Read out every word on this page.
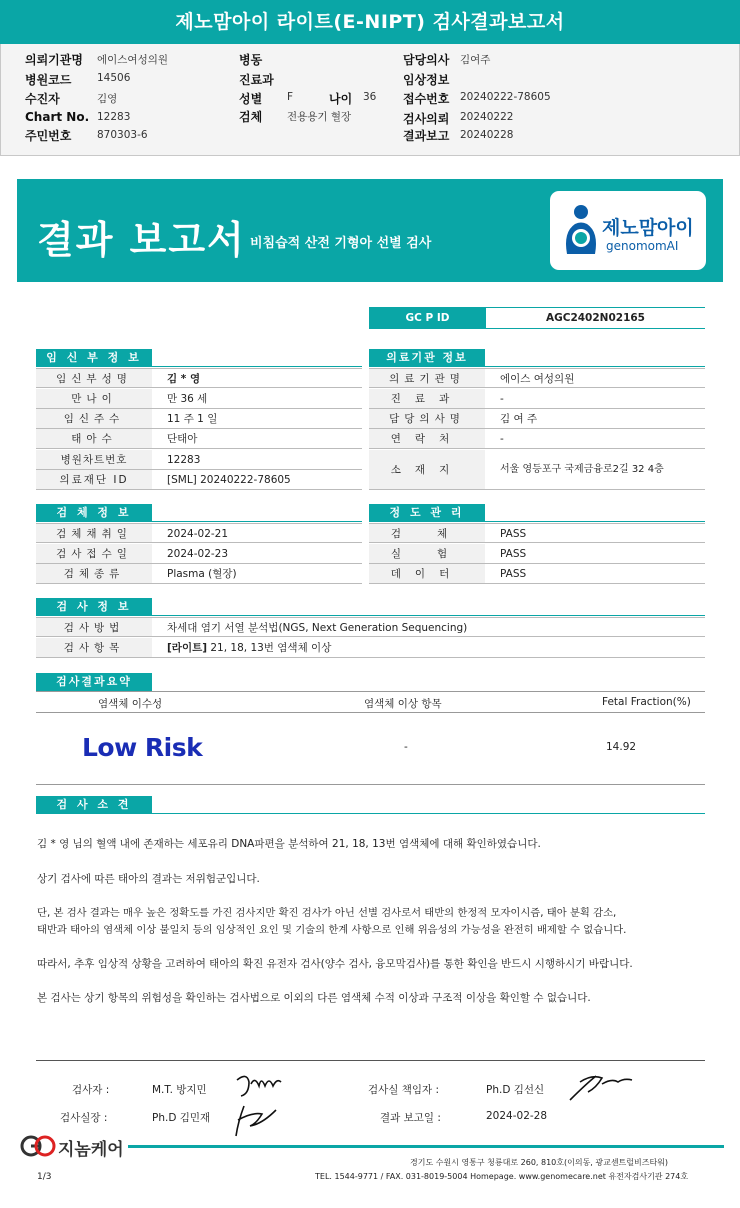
제노맘아이 라이트(E-NIPT) 검사결과보고서
의뢰기관명 에이스여성의원
병원코드 14506
수진자	김영
Chart No. 12283
주민번호 870303-6
병동
진료과
성별 F	나이 36
검체 전용용기 혈장
담당의사 김여주
임상정보
접수번호 20240222-78605
검사의뢰 20240222
결과보고 20240228
결과 보고서 비침습적 산전 기형아 선별 검사
제노맘아이
genomomAI
GC P ID	AGC2402N02165
임 신 부 정 보
임신부성명	김 * 영
만나이	만 36 세
임신주수	11 주 1 일
태아수	단태아
병원차트번호	12283
의료재단 ID	[SML] 20240222-78605
의료기관 정보
의료기관명	에이스 여성의원
진료과	-
담당의사명	김 여 주
연락처	-
소재지	서울 영등포구 국제금융로2길 32 4층
검 체 정 보
검체채취일	2024-02-21
검사접수일	2024-02-23
검체종류	Plasma (혈장)
정 도 관 리
검체 PASS
실험 PASS
데이터	PASS
검 사 정 보
검사방법	차세대 염기 서열 분석법(NGS, Next Generation Sequencing)
검사항목	[라이트] 21, 18, 13번 염색체 이상
검사결과요약
염색체 이수성	염색체 이상 항목	Fetal Fraction(%)
Low Risk	-	14.92
검 사 소 견
김 * 영 님의 혈액 내에 존재하는 세포유리 DNA파편을 분석하여 21, 18, 13번 염색체에 대해 확인하였습니다.
상기 검사에 따른 태아의 결과는 저위험군입니다.
단, 본 검사 결과는 매우 높은 정확도를 가진 검사지만 확진 검사가 아닌 선별 검사로서 태반의 한정적 모자이시즘, 태아 분획 감소,
태반과 태아의 염색체 이상 불일치 등의 임상적인 요인 및 기술의 한계 사항으로 인해 위음성의 가능성을 완전히 배제할 수 없습니다.
따라서, 추후 임상적 상황을 고려하여 태아의 확진 유전자 검사(양수 검사, 융모막검사)를 통한 확인을 반드시 시행하시기 바랍니다.
본 검사는 상기 항목의 위험성을 확인하는 검사법으로 이외의 다른 염색체 수적 이상과 구조적 이상을 확인할 수 없습니다.
검사자 :	M.T. 방지민	검사실 책임자 :	Ph.D 김선신
검사실장 :	Ph.D 김민재	결과 보고일 :	2024-02-28
지놈케어
경기도 수원시 영통구 청룡대로 260, 810호(이의동, 광교센트럴비즈타워)
TEL. 1544-9771 / FAX. 031-8019-5004 Homepage. www.genomecare.net 유전자검사기관 274호
1/3
